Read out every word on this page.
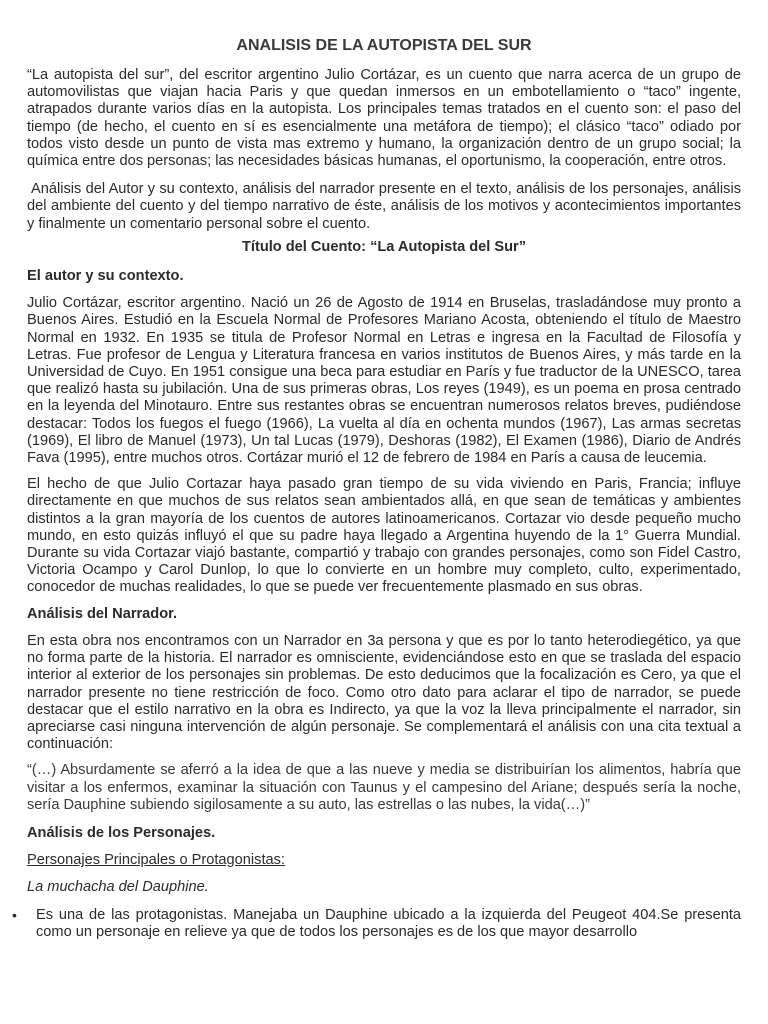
ANALISIS DE LA AUTOPISTA DEL SUR

“La autopista del sur”, del escritor argentino Julio Cortázar, es un cuento que narra acerca de un grupo de automovilistas que viajan hacia Paris y que quedan inmersos en un embotellamiento o “taco” ingente, atrapados durante varios días en la autopista. Los principales temas tratados en el cuento son: el paso del tiempo (de hecho, el cuento en sí es esencialmente una metáfora de tiempo); el clásico “taco” odiado por todos visto desde un punto de vista mas extremo y humano, la organización dentro de un grupo social; la química entre dos personas; las necesidades básicas humanas, el oportunismo, la cooperación, entre otros.

Análisis del Autor y su contexto, análisis del narrador presente en el texto, análisis de los personajes, análisis del ambiente del cuento y del tiempo narrativo de éste, análisis de los motivos y acontecimientos importantes y finalmente un comentario personal sobre el cuento.

Título del Cuento: “La Autopista del Sur”

El autor y su contexto.

Julio Cortázar, escritor argentino. Nació un 26 de Agosto de 1914 en Bruselas, trasladándose muy pronto a Buenos Aires. Estudió en la Escuela Normal de Profesores Mariano Acosta, obteniendo el título de Maestro Normal en 1932. En 1935 se titula de Profesor Normal en Letras e ingresa en la Facultad de Filosofía y Letras. Fue profesor de Lengua y Literatura francesa en varios institutos de Buenos Aires, y más tarde en la Universidad de Cuyo. En 1951 consigue una beca para estudiar en París y fue traductor de la UNESCO, tarea que realizó hasta su jubilación. Una de sus primeras obras, Los reyes (1949), es un poema en prosa centrado en la leyenda del Minotauro. Entre sus restantes obras se encuentran numerosos relatos breves, pudiéndose destacar: Todos los fuegos el fuego (1966), La vuelta al día en ochenta mundos (1967), Las armas secretas (1969), El libro de Manuel (1973), Un tal Lucas (1979), Deshoras (1982), El Examen (1986), Diario de Andrés Fava (1995), entre muchos otros. Cortázar murió el 12 de febrero de 1984 en París a causa de leucemia.

El hecho de que Julio Cortazar haya pasado gran tiempo de su vida viviendo en Paris, Francia; influye directamente en que muchos de sus relatos sean ambientados allá, en que sean de temáticas y ambientes distintos a la gran mayoría de los cuentos de autores latinoamericanos. Cortazar vio desde pequeño mucho mundo, en esto quizás influyó el que su padre haya llegado a Argentina huyendo de la 1° Guerra Mundial. Durante su vida Cortazar viajó bastante, compartió y trabajo con grandes personajes, como son Fidel Castro, Victoria Ocampo y Carol Dunlop, lo que lo convierte en un hombre muy completo, culto, experimentado, conocedor de muchas realidades, lo que se puede ver frecuentemente plasmado en sus obras.

Análisis del Narrador.

En esta obra nos encontramos con un Narrador en 3a persona y que es por lo tanto heterodiegético, ya que no forma parte de la historia. El narrador es omnisciente, evidenciándose esto en que se traslada del espacio interior al exterior de los personajes sin problemas. De esto deducimos que la focalización es Cero, ya que el narrador presente no tiene restricción de foco. Como otro dato para aclarar el tipo de narrador, se puede destacar que el estilo narrativo en la obra es Indirecto, ya que la voz la lleva principalmente el narrador, sin apreciarse casi ninguna intervención de algún personaje. Se complementará el análisis con una cita textual a continuación:

“(…) Absurdamente se aferró a la idea de que a las nueve y media se distribuirían los alimentos, habría que visitar a los enfermos, examinar la situación con Taunus y el campesino del Ariane; después sería la noche, sería Dauphine subiendo sigilosamente a su auto, las estrellas o las nubes, la vida(…)”

Análisis de los Personajes.

Personajes Principales o Protagonistas:

La muchacha del Dauphine.

• Es una de las protagonistas. Manejaba un Dauphine ubicado a la izquierda del Peugeot 404.Se presenta como un personaje en relieve ya que de todos los personajes es de los que mayor desarrollo
